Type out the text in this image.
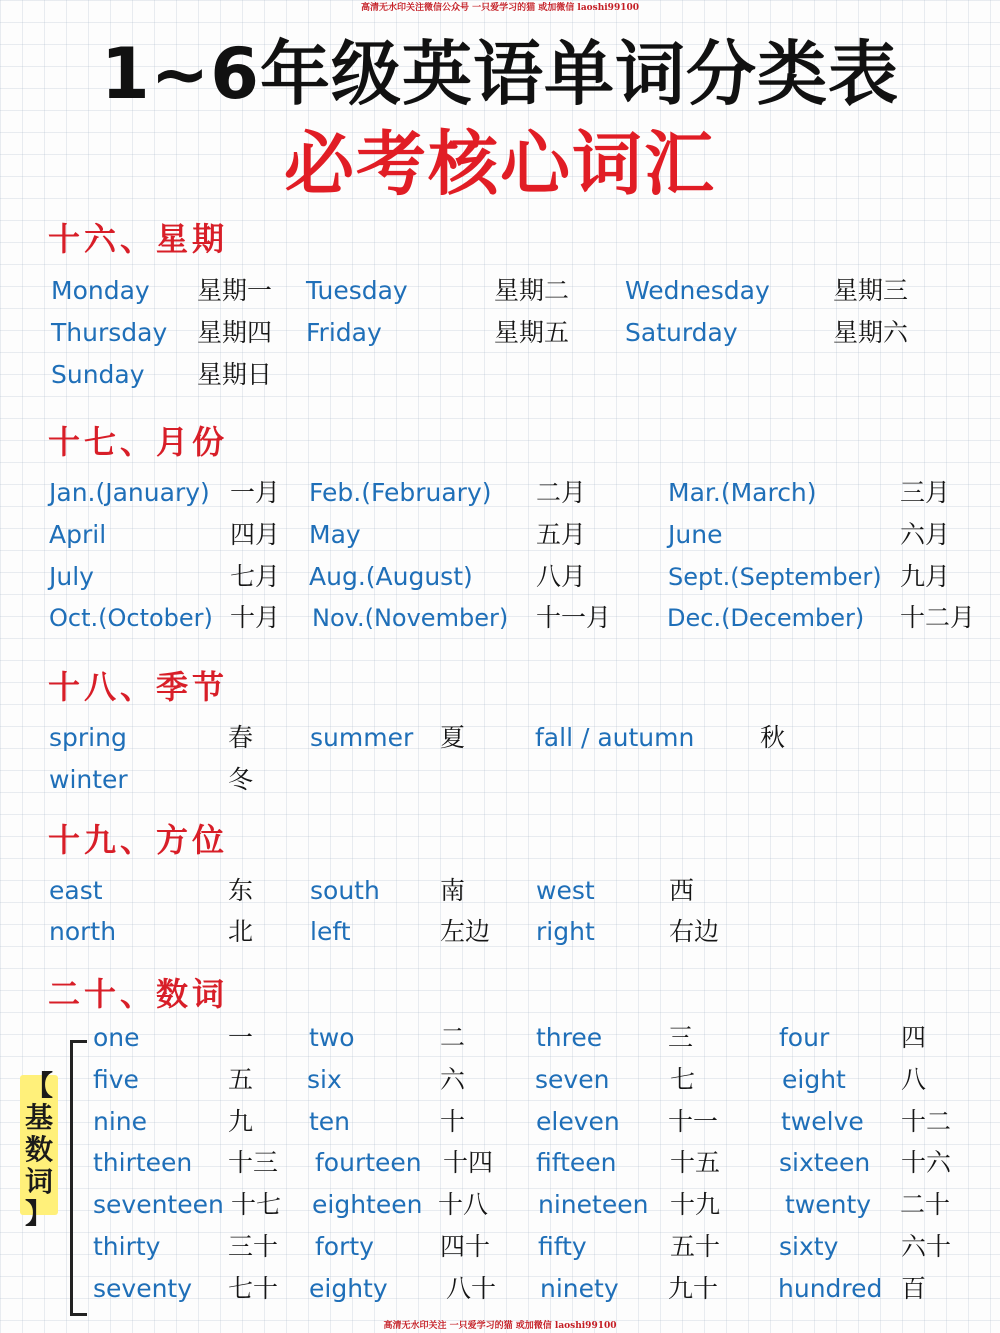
高清无水印关注微信公众号 一只爱学习的猫 或加微信 laoshi99100
1~6年级英语单词分类表
必考核心词汇
十六、星期
Monday 星期一 Tuesday	星期二 Wednesday	星期三
Thursday 星期四 Friday	星期五 Saturday	星期六
Sunday 星期日
十七、月份
Jan.(January) 一月 Feb.(February) 二月	Mar.(March)	三月
April	四月 May	五月	June	六月
July	七月 Aug.(August)	八月	Sept.(September) 九月
Oct.(October) 十月 Nov.(November) 十一月 Dec.(December) 十二月
十八、季节
spring	春 summer 夏	fall / autumn	秋
winter	冬
十九、方位
east	东 south 南	west	西
north	北 left	左边 right	右边
二十、数词
【
基
数
词
】
one	一 two	二	three	三	four	四
five	五 six	六	seven 七	eight 八
nine	九 ten	十	eleven 十一	twelve 十二
thirteen 十三 fourteen 十四 fifteen 十五 sixteen 十六
seventeen 十七 eighteen 十八 nineteen 十九	twenty 二十
thirty	三十 forty	四十 fifty	五十 sixty	六十
seventy 七十 eighty 八十 ninety 九十 hundred 百
高清无水印关注 一只爱学习的猫 或加微信 laoshi99100
